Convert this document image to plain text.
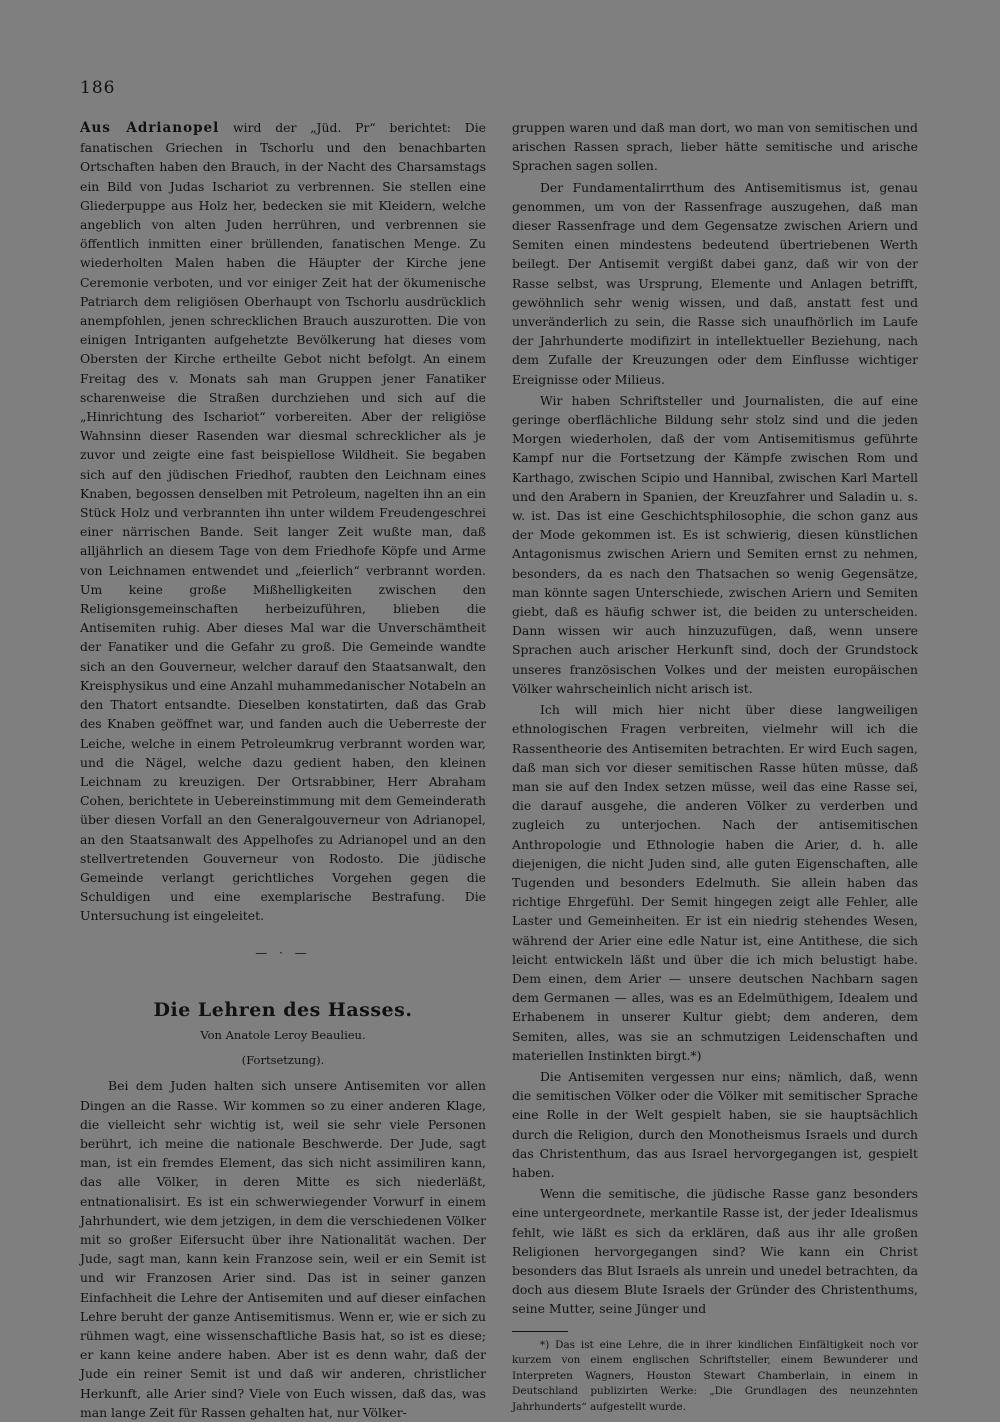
186

Aus Adrianopel wird der „Jüd. Pr“ berichtet: Die fanatischen Griechen in Tschorlu und den benachbarten Ortschaften haben den Brauch, in der Nacht des Charsamstags ein Bild von Judas Ischariot zu verbrennen. Sie stellen eine Gliederpuppe aus Holz her, bedecken sie mit Kleidern, welche angeblich von alten Juden herrühren, und verbrennen sie öffentlich inmitten einer brüllenden, fanatischen Menge. Zu wiederholten Malen haben die Häupter der Kirche jene Ceremonie verboten, und vor einiger Zeit hat der ökumenische Patriarch dem religiösen Oberhaupt von Tschorlu ausdrücklich anempfohlen, jenen schrecklichen Brauch auszurotten. Die von einigen Intriganten aufgehetzte Bevölkerung hat dieses vom Obersten der Kirche ertheilte Gebot nicht befolgt. An einem Freitag des v. Monats sah man Gruppen jener Fanatiker scharenweise die Straßen durchziehen und sich auf die „Hinrichtung des Ischariot“ vorbereiten. Aber der religiöse Wahnsinn dieser Rasenden war diesmal schrecklicher als je zuvor und zeigte eine fast beispiellose Wildheit. Sie begaben sich auf den jüdischen Friedhof, raubten den Leichnam eines Knaben, begossen denselben mit Petroleum, nagelten ihn an ein Stück Holz und verbrannten ihn unter wildem Freudengeschrei einer närrischen Bande. Seit langer Zeit wußte man, daß alljährlich an diesem Tage von dem Friedhofe Köpfe und Arme von Leichnamen entwendet und „feierlich“ verbrannt worden. Um keine große Mißhelligkeiten zwischen den Religionsgemeinschaften herbeizuführen, blieben die Antisemiten ruhig. Aber dieses Mal war die Unverschämtheit der Fanatiker und die Gefahr zu groß. Die Gemeinde wandte sich an den Gouverneur, welcher darauf den Staatsanwalt, den Kreisphysikus und eine Anzahl muhammedanischer Notabeln an den Thatort entsandte. Dieselben konstatirten, daß das Grab des Knaben geöffnet war, und fanden auch die Ueberreste der Leiche, welche in einem Petroleumkrug verbrannt worden war, und die Nägel, welche dazu gedient haben, den kleinen Leichnam zu kreuzigen. Der Ortsrabbiner, Herr Abraham Cohen, berichtete in Uebereinstimmung mit dem Gemeinderath über diesen Vorfall an den Generalgouverneur von Adrianopel, an den Staatsanwalt des Appelhofes zu Adrianopel und an den stellvertretenden Gouverneur von Rodosto. Die jüdische Gemeinde verlangt gerichtliches Vorgehen gegen die Schuldigen und eine exemplarische Bestrafung. Die Untersuchung ist eingeleitet.

— · —
Die Lehren des Hasses.
Von Anatole Leroy Beaulieu.
(Fortsetzung).

Bei dem Juden halten sich unsere Antisemiten vor allen Dingen an die Rasse. Wir kommen so zu einer anderen Klage, die vielleicht sehr wichtig ist, weil sie sehr viele Personen berührt, ich meine die nationale Beschwerde. Der Jude, sagt man, ist ein fremdes Element, das sich nicht assimiliren kann, das alle Völker, in deren Mitte es sich niederläßt, entnationalisirt. Es ist ein schwerwiegender Vorwurf in einem Jahrhundert, wie dem jetzigen, in dem die verschiedenen Völker mit so großer Eifersucht über ihre Nationalität wachen. Der Jude, sagt man, kann kein Franzose sein, weil er ein Semit ist und wir Franzosen Arier sind. Das ist in seiner ganzen Einfachheit die Lehre der Antisemiten und auf dieser einfachen Lehre beruht der ganze Antisemitismus. Wenn er, wie er sich zu rühmen wagt, eine wissenschaftliche Basis hat, so ist es diese; er kann keine andere haben. Aber ist es denn wahr, daß der Jude ein reiner Semit ist und daß wir anderen, christlicher Herkunft, alle Arier sind? Viele von Euch wissen, daß das, was man lange Zeit für Rassen gehalten hat, nur Völker-

gruppen waren und daß man dort, wo man von semitischen und arischen Rassen sprach, lieber hätte semitische und arische Sprachen sagen sollen.

Der Fundamentalirrthum des Antisemitismus ist, genau genommen, um von der Rassenfrage auszugehen, daß man dieser Rassenfrage und dem Gegensatze zwischen Ariern und Semiten einen mindestens bedeutend übertriebenen Werth beilegt. Der Antisemit vergißt dabei ganz, daß wir von der Rasse selbst, was Ursprung, Elemente und Anlagen betrifft, gewöhnlich sehr wenig wissen, und daß, anstatt fest und unveränderlich zu sein, die Rasse sich unaufhörlich im Laufe der Jahrhunderte modifizirt in intellektueller Beziehung, nach dem Zufalle der Kreuzungen oder dem Einflusse wichtiger Ereignisse oder Milieus.

Wir haben Schriftsteller und Journalisten, die auf eine geringe oberflächliche Bildung sehr stolz sind und die jeden Morgen wiederholen, daß der vom Antisemitismus geführte Kampf nur die Fortsetzung der Kämpfe zwischen Rom und Karthago, zwischen Scipio und Hannibal, zwischen Karl Martell und den Arabern in Spanien, der Kreuzfahrer und Saladin u. s. w. ist. Das ist eine Geschichtsphilosophie, die schon ganz aus der Mode gekommen ist. Es ist schwierig, diesen künstlichen Antagonismus zwischen Ariern und Semiten ernst zu nehmen, besonders, da es nach den Thatsachen so wenig Gegensätze, man könnte sagen Unterschiede, zwischen Ariern und Semiten giebt, daß es häufig schwer ist, die beiden zu unterscheiden. Dann wissen wir auch hinzuzufügen, daß, wenn unsere Sprachen auch arischer Herkunft sind, doch der Grundstock unseres französischen Volkes und der meisten europäischen Völker wahrscheinlich nicht arisch ist.

Ich will mich hier nicht über diese langweiligen ethnologischen Fragen verbreiten, vielmehr will ich die Rassentheorie des Antisemiten betrachten. Er wird Euch sagen, daß man sich vor dieser semitischen Rasse hüten müsse, daß man sie auf den Index setzen müsse, weil das eine Rasse sei, die darauf ausgehe, die anderen Völker zu verderben und zugleich zu unterjochen. Nach der antisemitischen Anthropologie und Ethnologie haben die Arier, d. h. alle diejenigen, die nicht Juden sind, alle guten Eigenschaften, alle Tugenden und besonders Edelmuth. Sie allein haben das richtige Ehrgefühl. Der Semit hingegen zeigt alle Fehler, alle Laster und Gemeinheiten. Er ist ein niedrig stehendes Wesen, während der Arier eine edle Natur ist, eine Antithese, die sich leicht entwickeln läßt und über die ich mich belustigt habe. Dem einen, dem Arier — unsere deutschen Nachbarn sagen dem Germanen — alles, was es an Edelmüthigem, Idealem und Erhabenem in unserer Kultur giebt; dem anderen, dem Semiten, alles, was sie an schmutzigen Leidenschaften und materiellen Instinkten birgt.*)

Die Antisemiten vergessen nur eins; nämlich, daß, wenn die semitischen Völker oder die Völker mit semitischer Sprache eine Rolle in der Welt gespielt haben, sie sie hauptsächlich durch die Religion, durch den Monotheismus Israels und durch das Christenthum, das aus Israel hervorgegangen ist, gespielt haben.

Wenn die semitische, die jüdische Rasse ganz besonders eine untergeordnete, merkantile Rasse ist, der jeder Idealismus fehlt, wie läßt es sich da erklären, daß aus ihr alle großen Religionen hervorgegangen sind? Wie kann ein Christ besonders das Blut Israels als unrein und unedel betrachten, da doch aus diesem Blute Israels der Gründer des Christenthums, seine Mutter, seine Jünger und

*) Das ist eine Lehre, die in ihrer kindlichen Einfältigkeit noch vor kurzem von einem englischen Schriftsteller, einem Bewunderer und Interpreten Wagners, Houston Stewart Chamberlain, in einem in Deutschland publizirten Werke: „Die Grundlagen des neunzehnten Jahrhunderts“ aufgestellt wurde.
